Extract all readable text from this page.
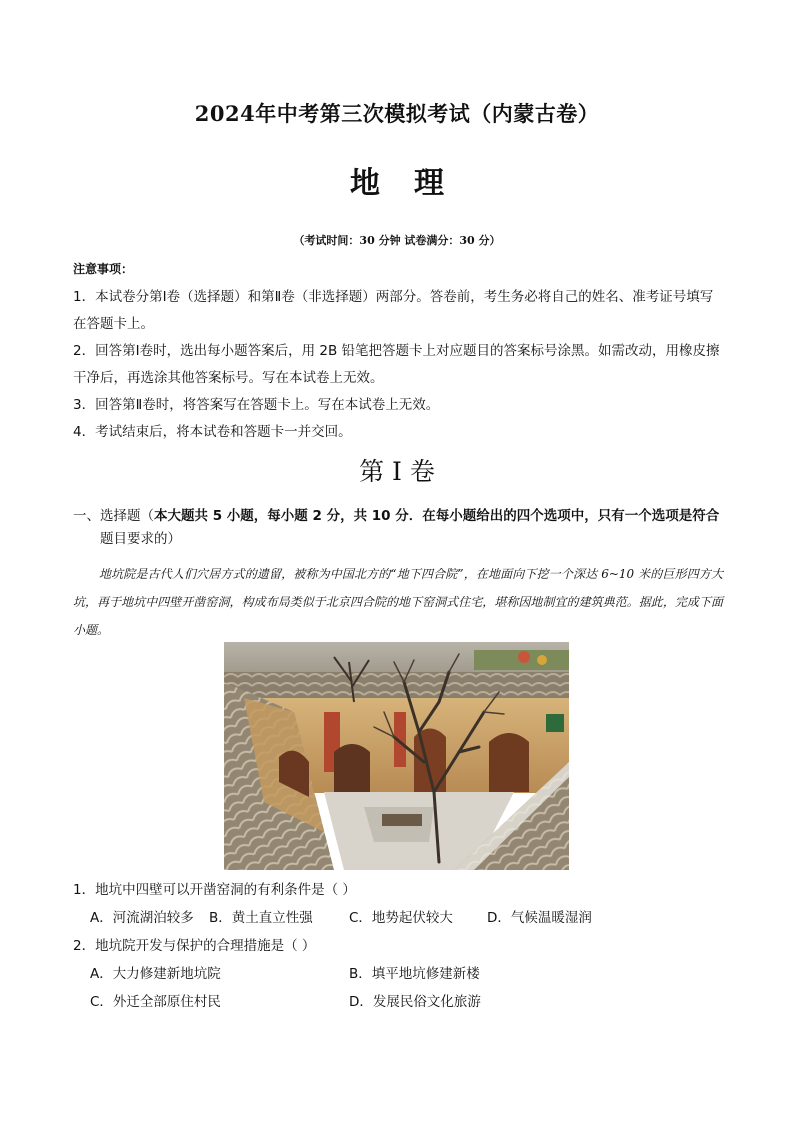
2024年中考第三次模拟考试（内蒙古卷）
地 理
（考试时间：30 分钟 试卷满分：30 分）
注意事项：
1．本试卷分第Ⅰ卷（选择题）和第Ⅱ卷（非选择题）两部分。答卷前，考生务必将自己的姓名、准考证号填写在答题卡上。
2．回答第Ⅰ卷时，选出每小题答案后，用 2B 铅笔把答题卡上对应题目的答案标号涂黑。如需改动，用橡皮擦干净后，再选涂其他答案标号。写在本试卷上无效。
3．回答第Ⅱ卷时，将答案写在答题卡上。写在本试卷上无效。
4．考试结束后，将本试卷和答题卡一并交回。
第 I 卷
一、选择题（本大题共 5 小题，每小题 2 分，共 10 分．在每小题给出的四个选项中，只有一个选项是符合
题目要求的）
地坑院是古代人们穴居方式的遗留，被称为中国北方的“地下四合院”，在地面向下挖一个深达 6~10 米的巨形四方大坑，再于地坑中四壁开凿窑洞，构成布局类似于北京四合院的地下窑洞式住宅，堪称因地制宜的建筑典范。据此，完成下面小题。
1．地坑中四壁可以开凿窑洞的有利条件是（ ）
A．河流湖泊较多 B．黄土直立性强	C．地势起伏较大	D．气候温暖湿润
2．地坑院开发与保护的合理措施是（ ）
A．大力修建新地坑院	B．填平地坑修建新楼
C．外迁全部原住村民	D．发展民俗文化旅游
